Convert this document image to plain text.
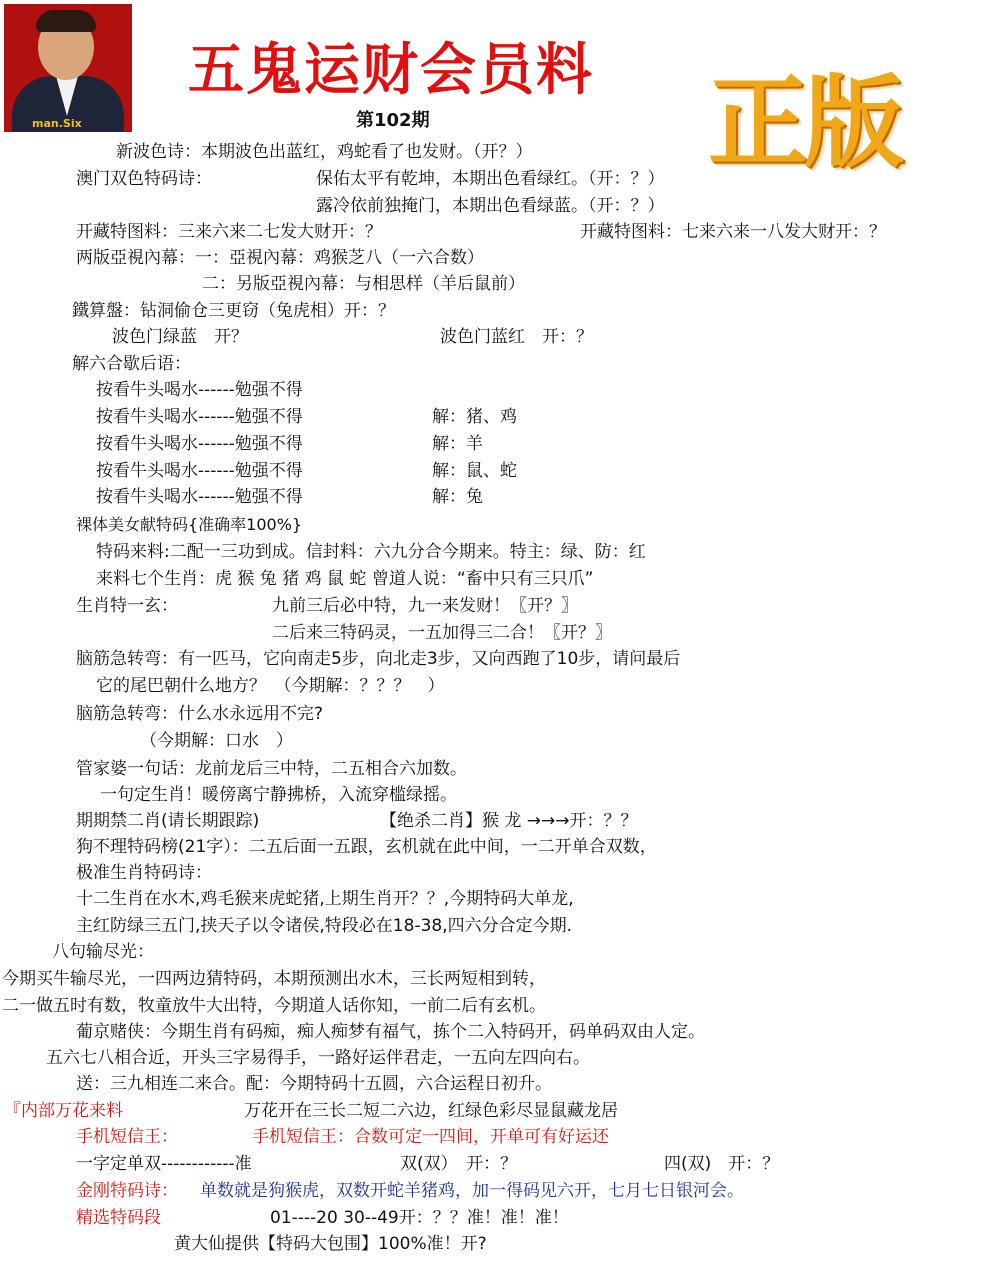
man.Six
五鬼运财会员料
第102期	正版
新波色诗：本期波色出蓝红，鸡蛇看了也发财。（开？）
澳门双色特码诗：	保佑太平有乾坤，本期出色看绿红。（开：？）
露冷依前独掩门，本期出色看绿蓝。（开：？）
开藏特图料：三来六来二七发大财开：？	开藏特图料：七来六来一八发大财开：？
两版亞視內幕：一：亞視內幕：鸡猴芝八（一六合数）
二：另版亞視內幕：与相思样（羊后鼠前）
鐵算盤：钻洞偷仓三更窃（兔虎相）开：？
波色门绿蓝　开？	波色门蓝红　开：？
解六合歇后语：
按看牛头喝水------勉强不得
按看牛头喝水------勉强不得	解：猪、鸡
按看牛头喝水------勉强不得	解：羊
按看牛头喝水------勉强不得	解：鼠、蛇
按看牛头喝水------勉强不得	解：兔
裸体美女献特码{准确率100%}
特码来料:二配一三功到成。信封料：六九分合今期来。特主：绿、防：红
来料七个生肖：虎 猴 兔 猪 鸡 鼠 蛇 曾道人说：“畜中只有三只爪”
生肖特一玄：	九前三后必中特，九一来发财！〖开？〗
二后来三特码灵，一五加得三二合！〖开？〗
脑筋急转弯：有一匹马，它向南走5步，向北走3步，又向西跑了10步，请问最后
它的尾巴朝什么地方？　（今期解：？？？　）
脑筋急转弯：什么水永远用不完?
（今期解：口水　）
管家婆一句话：龙前龙后三中特，二五相合六加数。
一句定生肖！暖傍离宁静拂桥，入流穿槛绿摇。
期期禁二肖(请长期跟踪)	【绝杀二肖】猴 龙 →→→开：？？
狗不理特码榜(21字）：二五后面一五跟，玄机就在此中间，一二开单合双数，
极准生肖特码诗：
十二生肖在水木,鸡毛猴来虎蛇猪,上期生肖开？？,今期特码大单龙,
主红防绿三五门,挟天子以令诸侯,特段必在18-38,四六分合定今期.
八句输尽光：
今期买牛输尽光，一四两边猜特码，本期预测出水木，三长两短相到转，
二一做五时有数，牧童放牛大出特，今期道人话你知，一前二后有玄机。
葡京赌侠：今期生肖有码痴，痴人痴梦有福气，拣个二入特码开，码单码双由人定。
五六七八相合近，开头三字易得手，一路好运伴君走，一五向左四向右。
送：三九相连二来合。配：今期特码十五圆，六合运程日初升。
『内部万花来料	万花开在三长二短二六边，红绿色彩尽显鼠藏龙居
手机短信王：	手机短信王：合数可定一四间，开单可有好运还
一字定单双------------准	双(双）　开：？	四(双)　开：？
金刚特码诗： 单数就是狗猴虎，双数开蛇羊猪鸡，加一得码见六开，七月七日银河会。
精选特码段	01----20 30--49开：？？准！准！准！
黄大仙提供【特码大包围】100%准！开?
